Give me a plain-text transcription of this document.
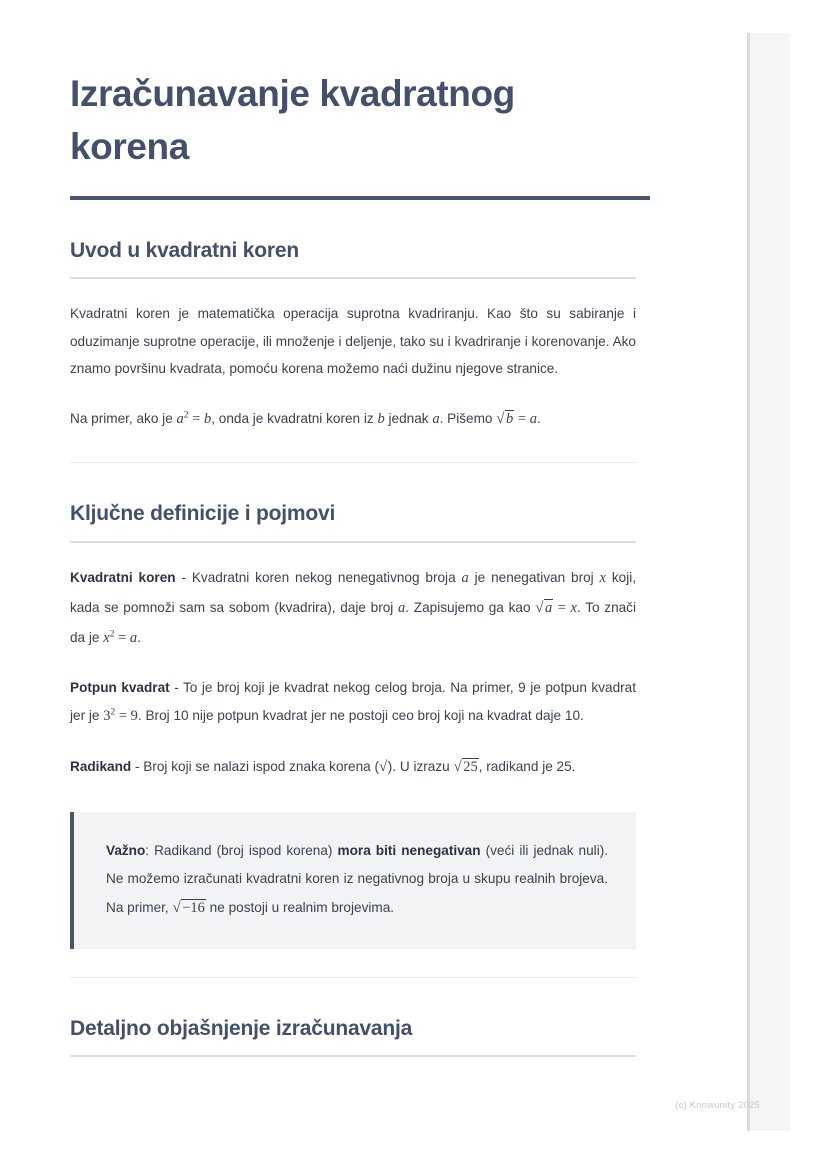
Izračunavanje kvadratnog korena
Uvod u kvadratni koren

Kvadratni koren je matematička operacija suprotna kvadriranju. Kao što su sabiranje i oduzimanje suprotne operacije, ili množenje i deljenje, tako su i kvadriranje i korenovanje. Ako znamo površinu kvadrata, pomoću korena možemo naći dužinu njegove stranice.

Na primer, ako je $a^2 = b$, onda je kvadratni koren iz b jednak a. Pišemo √ b = a.

Ključne definicije i pojmovi

Kvadratni koren - Kvadratni koren nekog nenegativnog broja a je nenegativan broj x koji, kada se pomnoži sam sa sobom (kvadrira), daje broj a. Zapisujemo ga kao √ a = x. To znači da je $x^2 = a$.

Potpun kvadrat - To je broj koji je kvadrat nekog celog broja. Na primer, 9 je potpun kvadrat jer je $3^2 = 9$. Broj 10 nije potpun kvadrat jer ne postoji ceo broj koji na kvadrat daje 10.

Radikand - Broj koji se nalazi ispod znaka korena (√). U izrazu √ 25, radikand je 25.

Važno: Radikand (broj ispod korena) mora biti nenegativan (veći ili jednak nuli). Ne možemo izračunati kvadratni koren iz negativnog broja u skupu realnih brojeva. Na primer, √ −16 ne postoji u realnim brojevima.

Detaljno objašnjenje izračunavanja
(c) Knowunity 2025
